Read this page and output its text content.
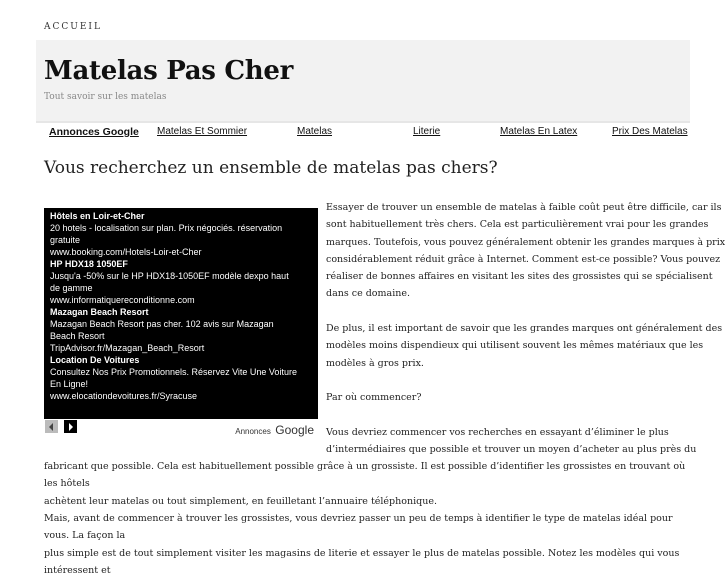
ACCUEIL
Matelas Pas Cher
Tout savoir sur les matelas
Annonces Google Matelas Et Sommier	Matelas	Literie	Matelas En Latex	Prix Des Matelas
Vous recherchez un ensemble de matelas pas chers?
Hôtels en Loir-et-Cher
20 hotels - localisation sur plan. Prix négociés. réservation
gratuite
www.booking.com/Hotels-Loir-et-Cher
HP HDX18 1050EF
Jusqu'a -50% sur le HP HDX18-1050EF modèle dexpo haut
de gamme
www.informatiquereconditionne.com
Mazagan Beach Resort
Mazagan Beach Resort pas cher. 102 avis sur Mazagan
Beach Resort
TripAdvisor.fr/Mazagan_Beach_Resort
Location De Voitures
Consultez Nos Prix Promotionnels. Réservez Vite Une Voiture
En Ligne!
www.elocationdevoitures.fr/Syracuse
Annonces Google
Essayer de trouver un ensemble de matelas à faible coût peut être difficile, car ils
sont habituellement très chers. Cela est particulièrement vrai pour les grandes
marques. Toutefois, vous pouvez généralement obtenir les grandes marques à prix
considérablement réduit grâce à Internet. Comment est-ce possible? Vous pouvez
réaliser de bonnes affaires en visitant les sites des grossistes qui se spécialisent
dans ce domaine.
De plus, il est important de savoir que les grandes marques ont généralement des
modèles moins dispendieux qui utilisent souvent les mêmes matériaux que les
modèles à gros prix.
Par où commencer?
Vous devriez commencer vos recherches en essayant d’éliminer le plus
d’intermédiaires que possible et trouver un moyen d’acheter au plus près du
fabricant que possible. Cela est habituellement possible grâce à un grossiste. Il est possible d’identifier les grossistes en trouvant où les hôtels
achètent leur matelas ou tout simplement, en feuilletant l’annuaire téléphonique.
Mais, avant de commencer à trouver les grossistes, vous devriez passer un peu de temps à identifier le type de matelas idéal pour vous. La façon la
plus simple est de tout simplement visiter les magasins de literie et essayer le plus de matelas possible. Notez les modèles qui vous intéressent et
